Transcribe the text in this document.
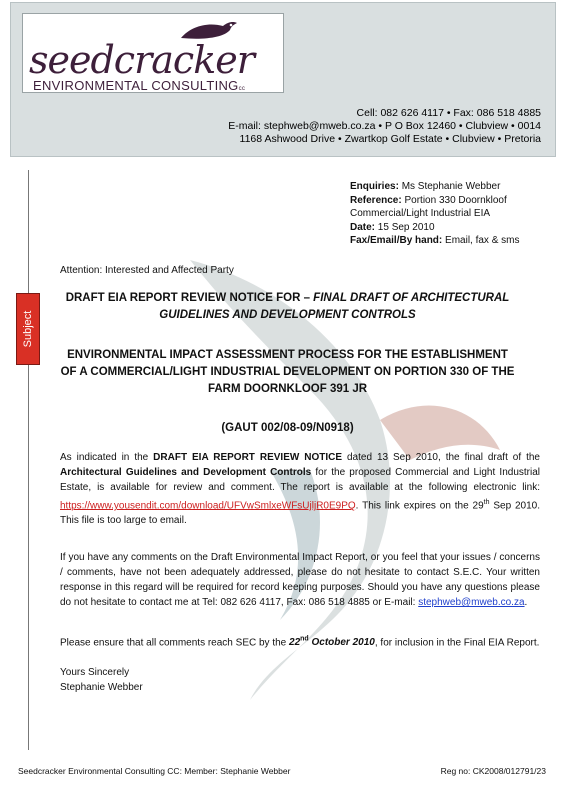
seedcracker
ENVIRONMENTAL CONSULTINGcc
Cell: 082 626 4117 • Fax: 086 518 4885
E-mail: stephweb@mweb.co.za • P O Box 12460 • Clubview • 0014
1168 Ashwood Drive • Zwartkop Golf Estate • Clubview • Pretoria
Subject
Enquiries: Ms Stephanie Webber
Reference: Portion 330 Doornkloof
Commercial/Light Industrial EIA
Date: 15 Sep 2010
Fax/Email/By hand: Email, fax & sms
Attention: Interested and Affected Party
DRAFT EIA REPORT REVIEW NOTICE FOR – FINAL DRAFT OF ARCHITECTURAL GUIDELINES AND DEVELOPMENT CONTROLS
ENVIRONMENTAL IMPACT ASSESSMENT PROCESS FOR THE ESTABLISHMENT OF A COMMERCIAL/LIGHT INDUSTRIAL DEVELOPMENT ON PORTION 330 OF THE FARM DOORNKLOOF 391 JR
(GAUT 002/08-09/N0918)
As indicated in the DRAFT EIA REPORT REVIEW NOTICE dated 13 Sep 2010, the final draft of the Architectural Guidelines and Development Controls for the proposed Commercial and Light Industrial Estate, is available for review and comment. The report is available at the following electronic link: https://www.yousendit.com/download/UFVwSmlxeWFsUjljR0E9PQ. This link expires on the 29th Sep 2010. This file is too large to email.
If you have any comments on the Draft Environmental Impact Report, or you feel that your issues / concerns / comments, have not been adequately addressed, please do not hesitate to contact S.E.C. Your written response in this regard will be required for record keeping purposes. Should you have any questions please do not hesitate to contact me at Tel: 082 626 4117, Fax: 086 518 4885 or E-mail: stephweb@mweb.co.za.
Please ensure that all comments reach SEC by the 22nd October 2010, for inclusion in the Final EIA Report.
Yours Sincerely
Stephanie Webber
Seedcracker Environmental Consulting CC: Member: Stephanie Webber	Reg no: CK2008/012791/23
